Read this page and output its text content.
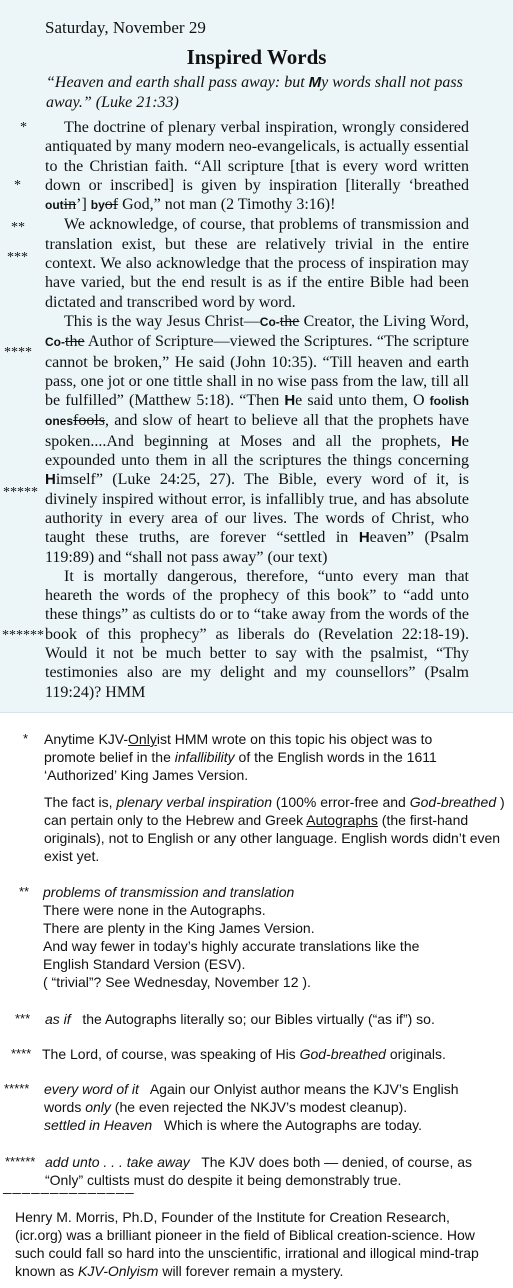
Saturday, November 29
Inspired Words
“Heaven and earth shall pass away: but My words shall not pass away.” (Luke 21:33)
*
*
**
***
****
*****
******

The doctrine of plenary verbal inspiration, wrongly considered antiquated by many modern neo-evangelicals, is actually essential to the Christian faith. “All scripture [that is every word written down or inscribed] is given by inspiration [literally ‘breathed outin’] byof God,” not man (2 Timothy 3:16)!

We acknowledge, of course, that problems of transmission and translation exist, but these are relatively trivial in the entire context. We also acknowledge that the process of inspiration may have varied, but the end result is as if the entire Bible had been dictated and transcribed word by word.

This is the way Jesus Christ—Co-the Creator, the Living Word, Co-the Author of Scripture—viewed the Scriptures. “The scripture cannot be broken,” He said (John 10:35). “Till heaven and earth pass, one jot or one tittle shall in no wise pass from the law, till all be fulfilled” (Matthew 5:18). “Then He said unto them, O foolish onesfools, and slow of heart to believe all that the prophets have spoken....And beginning at Moses and all the prophets, He expounded unto them in all the scriptures the things concerning Himself” (Luke 24:25, 27). The Bible, every word of it, is divinely inspired without error, is infallibly true, and has absolute authority in every area of our lives. The words of Christ, who taught these truths, are forever “settled in Heaven” (Psalm 119:89) and “shall not pass away” (our text)

It is mortally dangerous, therefore, “unto every man that heareth the words of the prophecy of this book” to “add unto these things” as cultists do or to “take away from the words of the book of this prophecy” as liberals do (Revelation 22:18-19). Would it not be much better to say with the psalmist, “Thy testimonies also are my delight and my counsellors” (Psalm 119:24)? HMM

* Anytime KJV-Onlyist HMM wrote on this topic his object was to promote belief in the infallibility of the English words in the 1611 ‘Authorized’ King James Version.
The fact is, plenary verbal inspiration (100% error-free and God-breathed ) can pertain only to the Hebrew and Greek Autographs (the first-hand originals), not to English or any other language. English words didn’t even exist yet.
** problems of transmission and translation
There were none in the Autographs.
There are plenty in the King James Version.
And way fewer in today’s highly accurate translations like the English Standard Version (ESV).
( “trivial”? See Wednesday, November 12 ).
*** as if the Autographs literally so; our Bibles virtually (“as if”) so.
**** The Lord, of course, was speaking of His God-breathed originals.
***** every word of it Again our Onlyist author means the KJV’s English words only (he even rejected the NKJV’s modest cleanup).
settled in Heaven Which is where the Autographs are today.
****** add unto . . . take away The KJV does both — denied, of course, as “Only” cultists must do despite it being demonstrably true.
——————————————
Henry M. Morris, Ph.D, Founder of the Institute for Creation Research, (icr.org) was a brilliant pioneer in the field of Biblical creation-science. How such could fall so hard into the unscientific, irrational and illogical mind-trap known as KJV-Onlyism will forever remain a mystery.
